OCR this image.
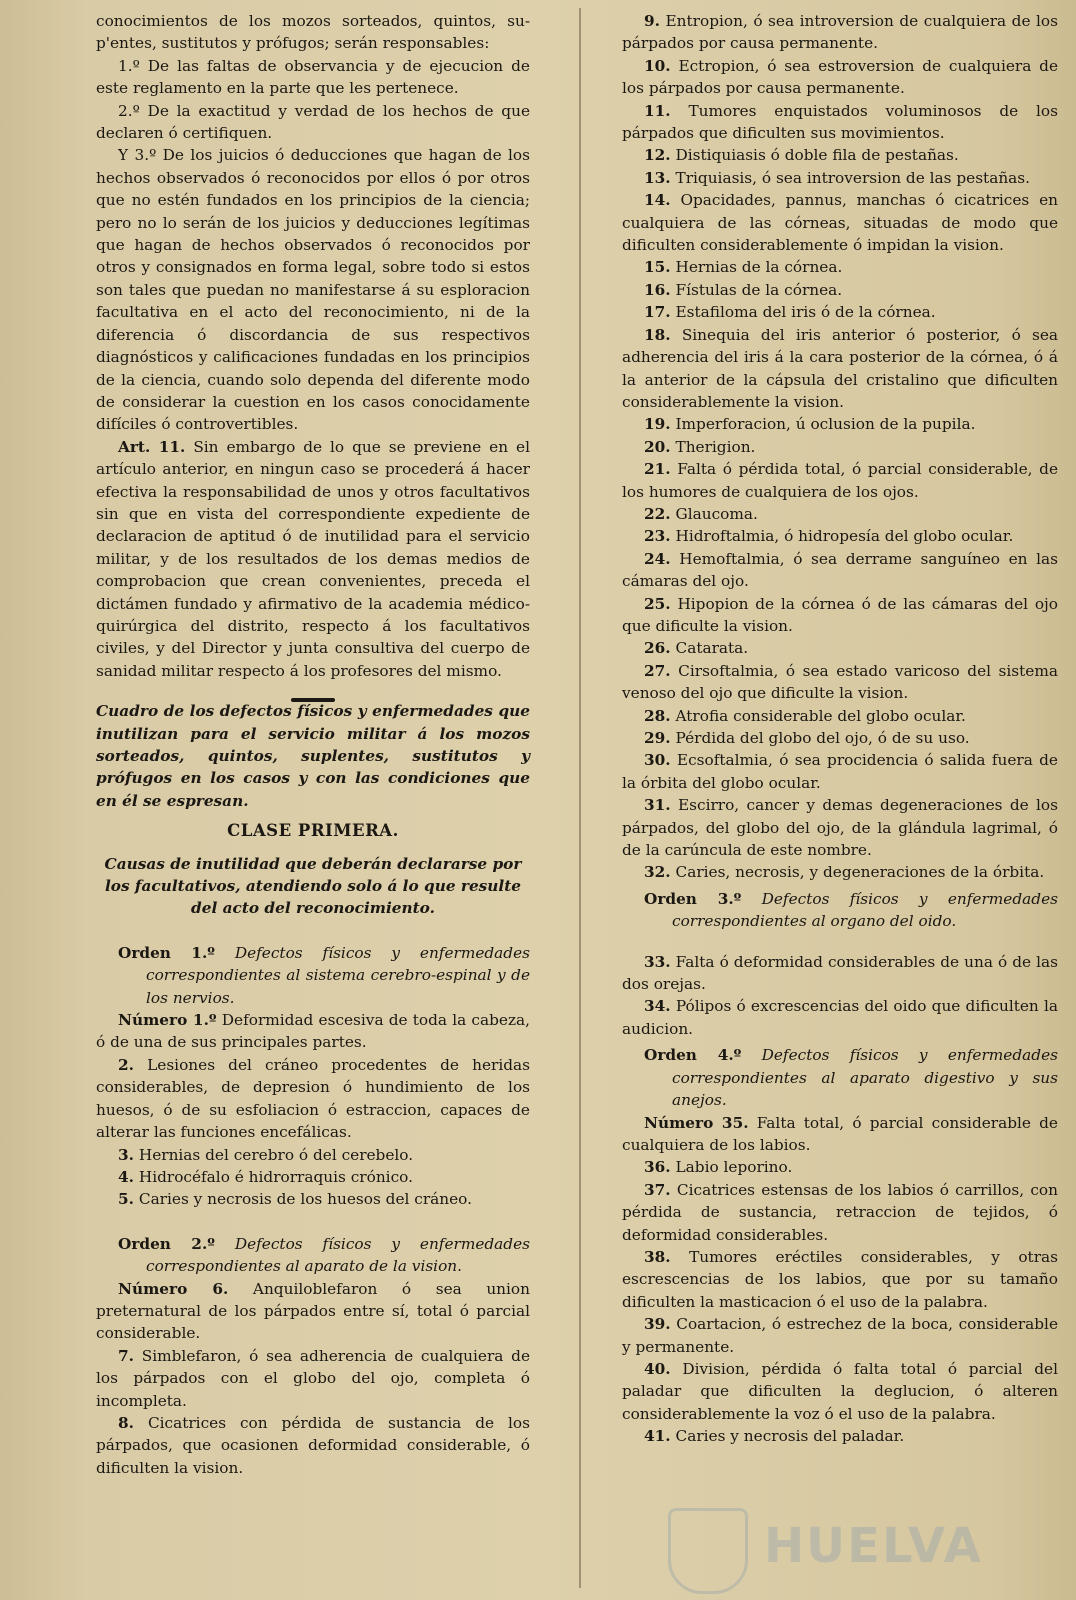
conocimientos de los mozos sorteados, quintos, su-p'entes, sustitutos y prófugos; serán responsables:

1.º De las faltas de observancia y de ejecucion de este reglamento en la parte que les pertenece.

2.º De la exactitud y verdad de los hechos de que declaren ó certifiquen.

Y 3.º De los juicios ó deducciones que hagan de los hechos observados ó reconocidos por ellos ó por otros que no estén fundados en los principios de la ciencia; pero no lo serán de los juicios y deducciones legítimas que hagan de hechos observados ó reconocidos por otros y consignados en forma legal, sobre todo si estos son tales que puedan no manifestarse á su esploracion facultativa en el acto del reconocimiento, ni de la diferencia ó discordancia de sus respectivos diagnósticos y calificaciones fundadas en los principios de la ciencia, cuando solo dependa del diferente modo de considerar la cuestion en los casos conocidamente difíciles ó controvertibles.

Art. 11. Sin embargo de lo que se previene en el artículo anterior, en ningun caso se procederá á hacer efectiva la responsabilidad de unos y otros facultativos sin que en vista del correspondiente expediente de declaracion de aptitud ó de inutilidad para el servicio militar, y de los resultados de los demas medios de comprobacion que crean convenientes, preceda el dictámen fundado y afirmativo de la academia médico-quirúrgica del distrito, respecto á los facultativos civiles, y del Director y junta consultiva del cuerpo de sanidad militar respecto á los profesores del mismo.

Cuadro de los defectos físicos y enfermedades que inutilizan para el servicio militar á los mozos sorteados, quintos, suplentes, sustitutos y prófugos en los casos y con las condiciones que en él se espresan.

CLASE PRIMERA.

Causas de inutilidad que deberán declararse por los facultativos, atendiendo solo á lo que resulte del acto del reconocimiento.

Orden 1.º Defectos físicos y enfermedades correspondientes al sistema cerebro-espinal y de los nervios.

Número 1.º Deformidad escesiva de toda la cabeza, ó de una de sus principales partes.

2. Lesiones del cráneo procedentes de heridas considerables, de depresion ó hundimiento de los huesos, ó de su esfoliacion ó estraccion, capaces de alterar las funciones encefálicas.

3. Hernias del cerebro ó del cerebelo.

4. Hidrocéfalo é hidrorraquis crónico.

5. Caries y necrosis de los huesos del cráneo.

Orden 2.º Defectos físicos y enfermedades correspondientes al aparato de la vision.

Número 6. Anquiloblefaron ó sea union preternatural de los párpados entre sí, total ó parcial considerable.

7. Simblefaron, ó sea adherencia de cualquiera de los párpados con el globo del ojo, completa ó incompleta.

8. Cicatrices con pérdida de sustancia de los párpados, que ocasionen deformidad considerable, ó dificulten la vision.

9. Entropion, ó sea introversion de cualquiera de los párpados por causa permanente.

10. Ectropion, ó sea estroversion de cualquiera de los párpados por causa permanente.

11. Tumores enquistados voluminosos de los párpados que dificulten sus movimientos.

12. Distiquiasis ó doble fila de pestañas.

13. Triquiasis, ó sea introversion de las pestañas.

14. Opacidades, pannus, manchas ó cicatrices en cualquiera de las córneas, situadas de modo que dificulten considerablemente ó impidan la vision.

15. Hernias de la córnea.

16. Fístulas de la córnea.

17. Estafiloma del iris ó de la córnea.

18. Sinequia del iris anterior ó posterior, ó sea adherencia del iris á la cara posterior de la córnea, ó á la anterior de la cápsula del cristalino que dificulten considerablemente la vision.

19. Imperforacion, ú oclusion de la pupila.

20. Therigion.

21. Falta ó pérdida total, ó parcial considerable, de los humores de cualquiera de los ojos.

22. Glaucoma.

23. Hidroftalmia, ó hidropesía del globo ocular.

24. Hemoftalmia, ó sea derrame sanguíneo en las cámaras del ojo.

25. Hipopion de la córnea ó de las cámaras del ojo que dificulte la vision.

26. Catarata.

27. Cirsoftalmia, ó sea estado varicoso del sistema venoso del ojo que dificulte la vision.

28. Atrofia considerable del globo ocular.

29. Pérdida del globo del ojo, ó de su uso.

30. Ecsoftalmia, ó sea procidencia ó salida fuera de la órbita del globo ocular.

31. Escirro, cancer y demas degeneraciones de los párpados, del globo del ojo, de la glándula lagrimal, ó de la carúncula de este nombre.

32. Caries, necrosis, y degeneraciones de la órbita.

Orden 3.º Defectos físicos y enfermedades correspondientes al organo del oido.

33. Falta ó deformidad considerables de una ó de las dos orejas.

34. Pólipos ó excrescencias del oido que dificulten la audicion.

Orden 4.º Defectos físicos y enfermedades correspondientes al aparato digestivo y sus anejos.

Número 35. Falta total, ó parcial considerable de cualquiera de los labios.

36. Labio leporino.

37. Cicatrices estensas de los labios ó carrillos, con pérdida de sustancia, retraccion de tejidos, ó deformidad considerables.

38. Tumores eréctiles considerables, y otras escrescencias de los labios, que por su tamaño dificulten la masticacion ó el uso de la palabra.

39. Coartacion, ó estrechez de la boca, considerable y permanente.

40. Division, pérdida ó falta total ó parcial del paladar que dificulten la deglucion, ó alteren considerablemente la voz ó el uso de la palabra.

41. Caries y necrosis del paladar.

HUELVA
